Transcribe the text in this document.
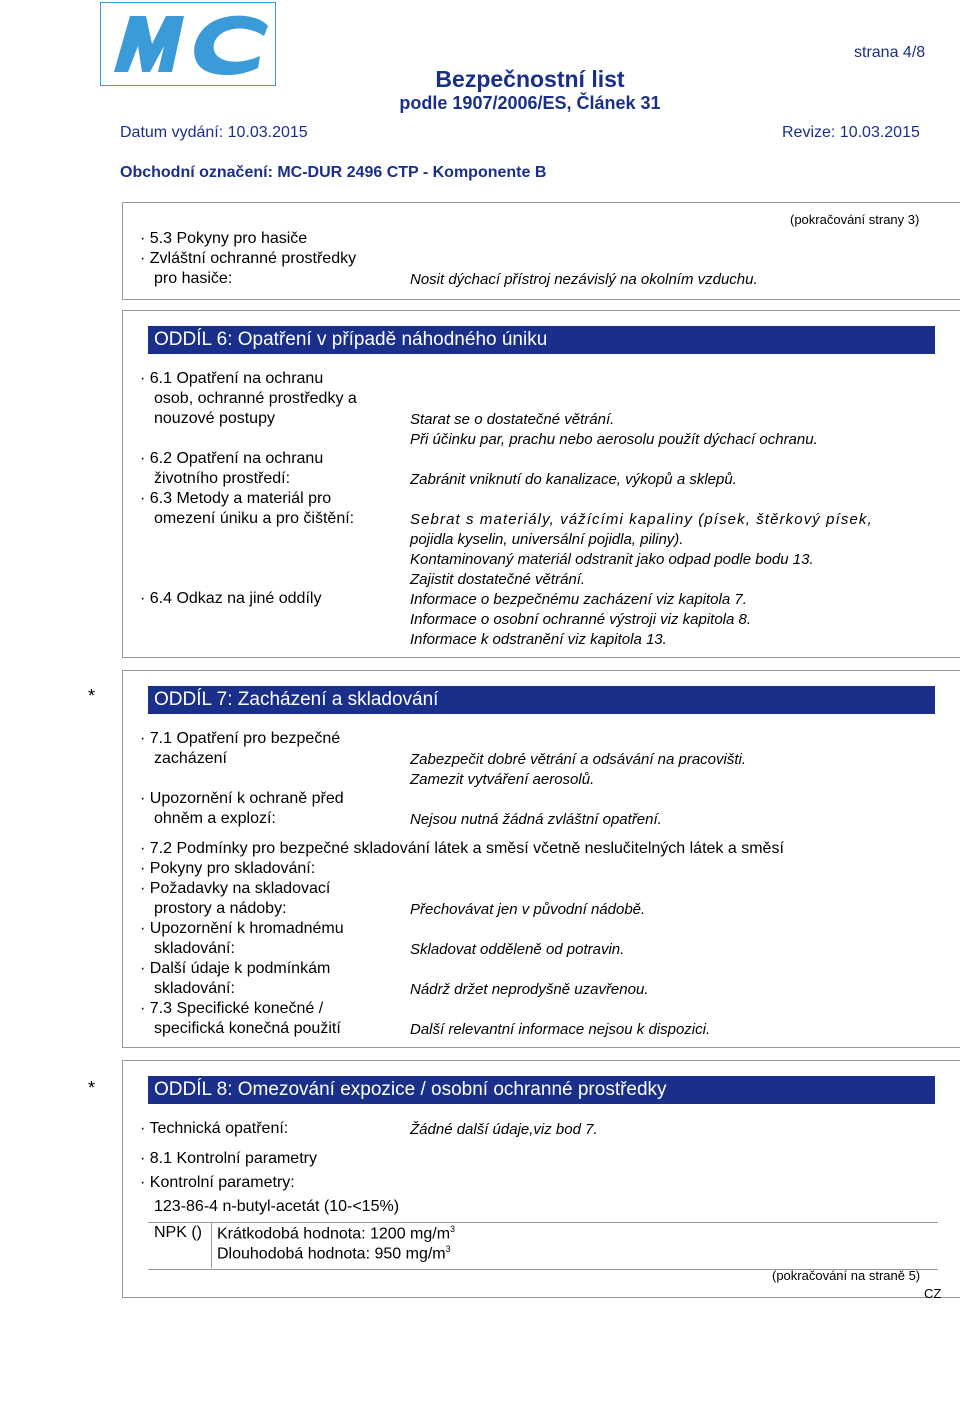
strana 4/8
Bezpečnostní list
podle 1907/2006/ES, Článek 31
Datum vydání: 10.03.2015	Revize: 10.03.2015
Obchodní označení: MC-DUR 2496 CTP - Komponente B
(pokračování strany 3)
· 5.3 Pokyny pro hasiče
· Zvláštní ochranné prostředky
pro hasiče:	Nosit dýchací přístroj nezávislý na okolním vzduchu.
ODDÍL 6: Opatření v případě náhodného úniku
· 6.1 Opatření na ochranu
osob, ochranné prostředky a
nouzové postupy	Starat se o dostatečné větrání.
Při účinku par, prachu nebo aerosolu použít dýchací ochranu.
· 6.2 Opatření na ochranu
životního prostředí:	Zabránit vniknutí do kanalizace, výkopů a sklepů.
· 6.3 Metody a materiál pro
omezení úniku a pro čištění:	Sebrat s materiály, vážícími kapaliny (písek, štěrkový písek,
pojidla kyselin, universální pojidla, piliny).
Kontaminovaný materiál odstranit jako odpad podle bodu 13.
Zajistit dostatečné větrání.
· 6.4 Odkaz na jiné oddíly	Informace o bezpečnému zacházení viz kapitola 7.
Informace o osobní ochranné výstroji viz kapitola 8.
Informace k odstranění viz kapitola 13.
*	ODDÍL 7: Zacházení a skladování
· 7.1 Opatření pro bezpečné
zacházení	Zabezpečit dobré větrání a odsávání na pracovišti.
Zamezit vytváření aerosolů.
· Upozornění k ochraně před
ohněm a explozí:	Nejsou nutná žádná zvláštní opatření.
· 7.2 Podmínky pro bezpečné skladování látek a směsí včetně neslučitelných látek a směsí
· Pokyny pro skladování:
· Požadavky na skladovací
prostory a nádoby:	Přechovávat jen v původní nádobě.
· Upozornění k hromadnému
skladování:	Skladovat odděleně od potravin.
· Další údaje k podmínkám
skladování:	Nádrž držet neprodyšně uzavřenou.
· 7.3 Specifické konečné /
specifická konečná použití	Další relevantní informace nejsou k dispozici.
*	ODDÍL 8: Omezování expozice / osobní ochranné prostředky
· Technická opatření:	Žádné další údaje,viz bod 7.
· 8.1 Kontrolní parametry
· Kontrolní parametry:
123-86-4 n-butyl-acetát (10-<15%)
NPK () Krátkodobá hodnota: 1200 $mg/m^3$
Dlouhodobá hodnota: 950 $mg/m^3$
(pokračování na straně 5)
CZ
